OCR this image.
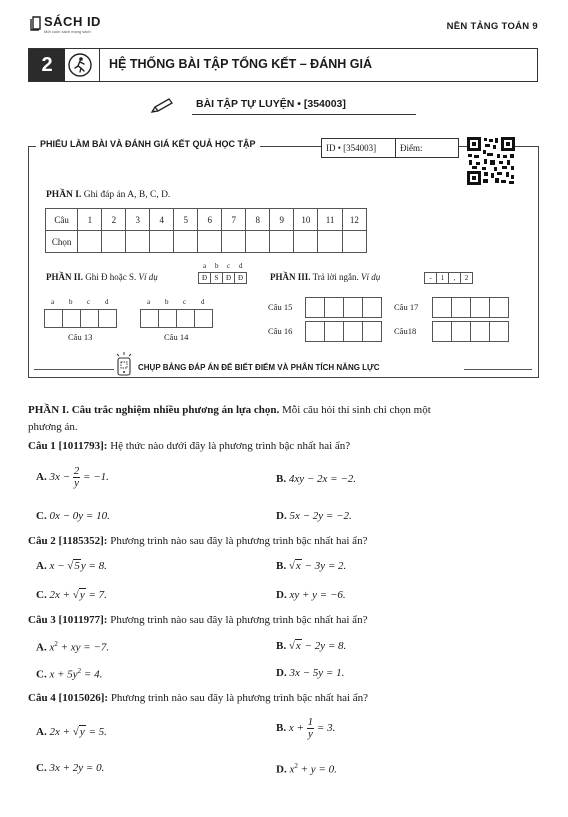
SÁCH ID
Một cuốn sách mạng sách	NỀN TẢNG TOÁN 9
2	HỆ THỐNG BÀI TẬP TỔNG KẾT – ĐÁNH GIÁ
BÀI TẬP TỰ LUYỆN • [354003]
PHIẾU LÀM BÀI VÀ ĐÁNH GIÁ KẾT QUẢ HỌC TẬP	ID • [354003]	Điểm:
PHẦN I. Ghi đáp án A, B, C, D.
Câu	1	2	3	4	5	6	7	8	9	10	11	12
Chọn												
PHẦN II. Ghi Đ hoặc S. Ví dụ
a b c d
Đ	S	Đ	Đ	PHẦN III. Trả lời ngắn. Ví dụ	-	1	,	2
a b c d

Câu 13
a b c d

Câu 14
Câu 15
				Câu 17

Câu 16
				Câu18

CHỤP BẢNG ĐÁP ÁN ĐỂ BIẾT ĐIỂM VÀ PHÂN TÍCH NĂNG LỰC
PHẦN I. Câu trắc nghiệm nhiều phương án lựa chọn. Mỗi câu hỏi thí sinh chỉ chọn một
phương án.
Câu 1 [1011793]: Hệ thức nào dưới đây là phương trình bậc nhất hai ẩn?
A. $3x - \frac{2}{y} = -1$.	B. 4xy − 2x = −2.
C. 0x − 0y = 10.	D. 5x − 2y = −2.
Câu 2 [1185352]: Phương trình nào sau đây là phương trình bậc nhất hai ẩn?
A. x − √5y = 8.	B. √x − 3y = 2.
C. 2x + √y = 7.	D. xy + y = −6.
Câu 3 [1011977]: Phương trình nào sau đây là phương trình bậc nhất hai ẩn?
A. $x^2$ + xy = −7.	B. √x − 2y = 8.
C. $x + 5y^2 = 4$.	D. 3x − 5y = 1.
Câu 4 [1015026]: Phương trình nào sau đây là phương trình bậc nhất hai ẩn?
A. 2x + √y = 5.	B. $x + \frac{1}{y} = 3$.
C. 3x + 2y = 0.	D. $x^2 + y = 0$.
